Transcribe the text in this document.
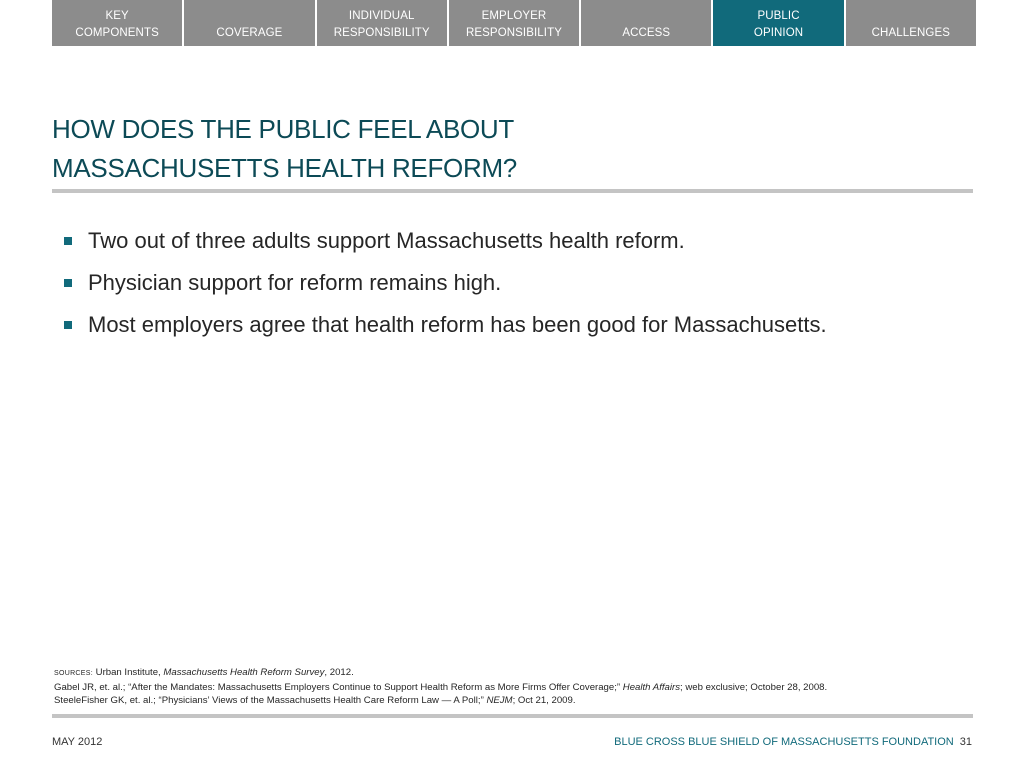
KEY
COMPONENTS	COVERAGE
INDIVIDUAL
RESPONSIBILITY
EMPLOYER
RESPONSIBILITY	ACCESS
PUBLIC
OPINION	CHALLENGES
HOW DOES THE PUBLIC FEEL ABOUT
MASSACHUSETTS HEALTH REFORM?
Two out of three adults support Massachusetts health reform.
Physician support for reform remains high.
Most employers agree that health reform has been good for Massachusetts.
SOURCES: Urban Institute, Massachusetts Health Reform Survey, 2012.
Gabel JR, et. al.; “After the Mandates: Massachusetts Employers Continue to Support Health Reform as More Firms Offer Coverage;” Health Affairs; web exclusive; October 28, 2008.
SteeleFisher GK, et. al.; “Physicians’ Views of the Massachusetts Health Care Reform Law — A Poll;” NEJM; Oct 21, 2009.
MAY 2012	BLUE CROSS BLUE SHIELD OF MASSACHUSETTS FOUNDATION 31
